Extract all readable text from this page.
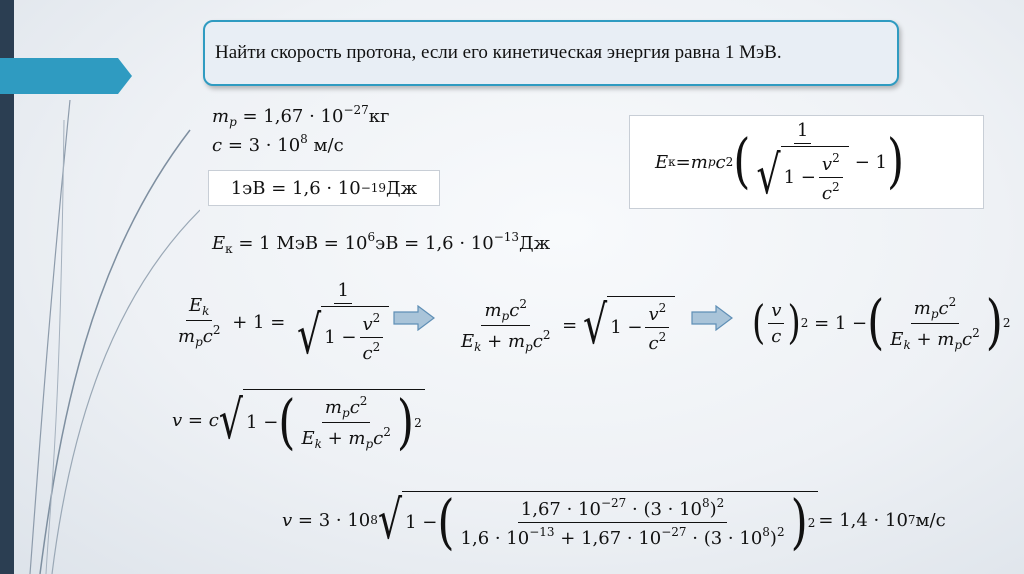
Найти скорость протона, если его кинетическая энергия равна 1 МэВ.
$m_p = 1,67 \cdot 10^{-27}кг$
$c = 3 \cdot 10^8$ м/с
1эВ = 1,6 · 10 −19 Дж
$E_к = 1$ МэВ = $10^6эВ = 1,6 \cdot 10^{-13}Дж$
E к = m p c 2 ( $\frac{1}{√ 1 - \frac{v^2}{c^2}} - 1$ )
$\frac{E_k}{m_pc^2} + 1 = \frac{1}{√ 1 - \frac{v^2}{c^2}}$	$\frac{m_pc^2}{E_k + m_pc^2}$ = √ $1 - \frac{v^2}{c^2}$ ( $\frac{v}{c}$ ) 2 = 1 − ( $\frac{m_pc^2}{E_k + m_pc^2}$ ) 2
v = c √ 1 − ( $\frac{m_pc^2}{E_k + m_pc^2}$ ) 2
v = 3 · 10 8 √ 1 − ( $\frac{1,67 \cdot 10^{-27} \cdot (3 \cdot 10^8)^2}{1,6 \cdot 10^{-13} + 1,67 \cdot 10^{-27} \cdot (3 \cdot 10^8)^2}$ ) 2 = 1,4 · 10 7 м/с
